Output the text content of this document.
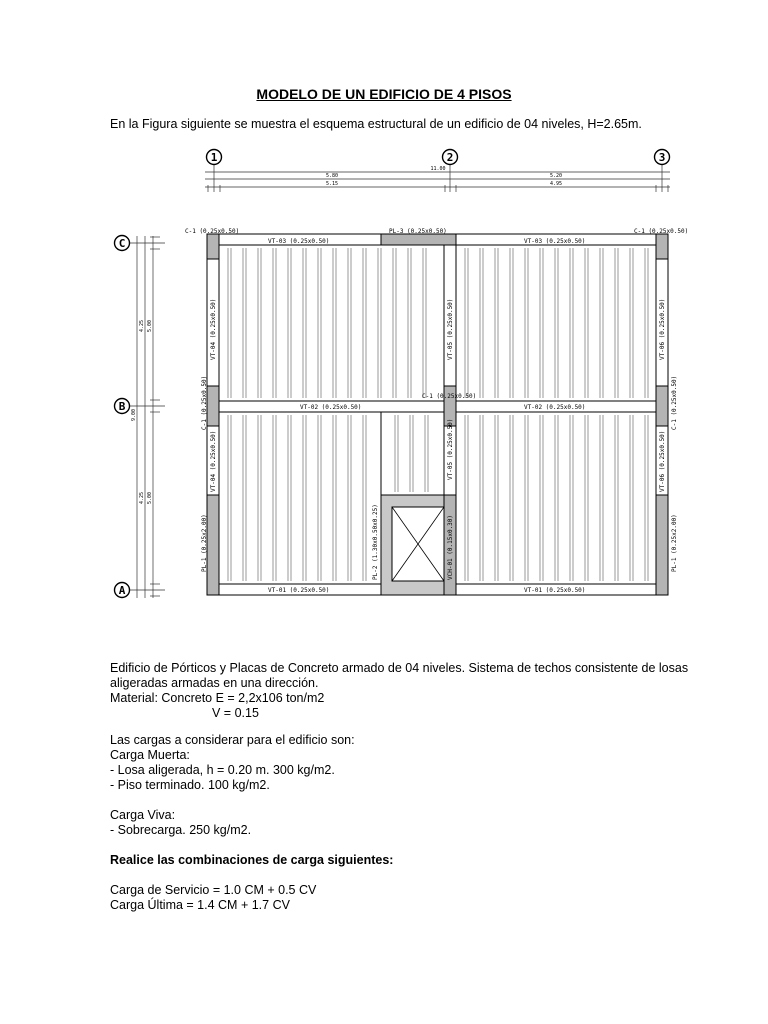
MODELO DE UN EDIFICIO DE 4 PISOS
En la Figura siguiente se muestra el esquema estructural de un edificio de 04 niveles, H=2.65m.
1	2	3
11.00
5.80	5.20
5.15	4.95
C
B
A
9.00
4.25 5.00
4.25 5.00
C-1 (0.25x0.50)	C-1 (0.25x0.50)
PL-3 (0.25x0.50)
VT-03 (0.25x0.50)	VT-03 (0.25x0.50)
VT-02 (0.25x0.50)	VT-02 (0.25x0.50)
VT-01 (0.25x0.50)	VT-01 (0.25x0.50)
C-1 (0.25x0.50)
C-1 (0.25x0.50)	C-1 (0.25x0.50)
VT-04 (0.25x0.50)
VT-04 (0.25x0.50)
VT-05 (0.25x0.50)
VT-05 (0.25x0.50)
VT-06 (0.25x0.50)
VT-06 (0.25x0.50)
PL-1 (0.25x2.00)	PL-1 (0.25x2.00)
PL-2 (1.30x0.50x0.25)	VCH-01 (0.15x0.30)
Edificio de Pórticos y Placas de Concreto armado de 04 niveles. Sistema de techos consistente de losas
aligeradas armadas en una dirección.
Material: Concreto E = 2,2x106 ton/m2
V = 0.15
Las cargas a considerar para el edificio son:
Carga Muerta:
- Losa aligerada, h = 0.20 m. 300 kg/m2.
- Piso terminado. 100 kg/m2.
Carga Viva:
- Sobrecarga. 250 kg/m2.
Realice las combinaciones de carga siguientes:
Carga de Servicio = 1.0 CM + 0.5 CV
Carga Última = 1.4 CM + 1.7 CV
